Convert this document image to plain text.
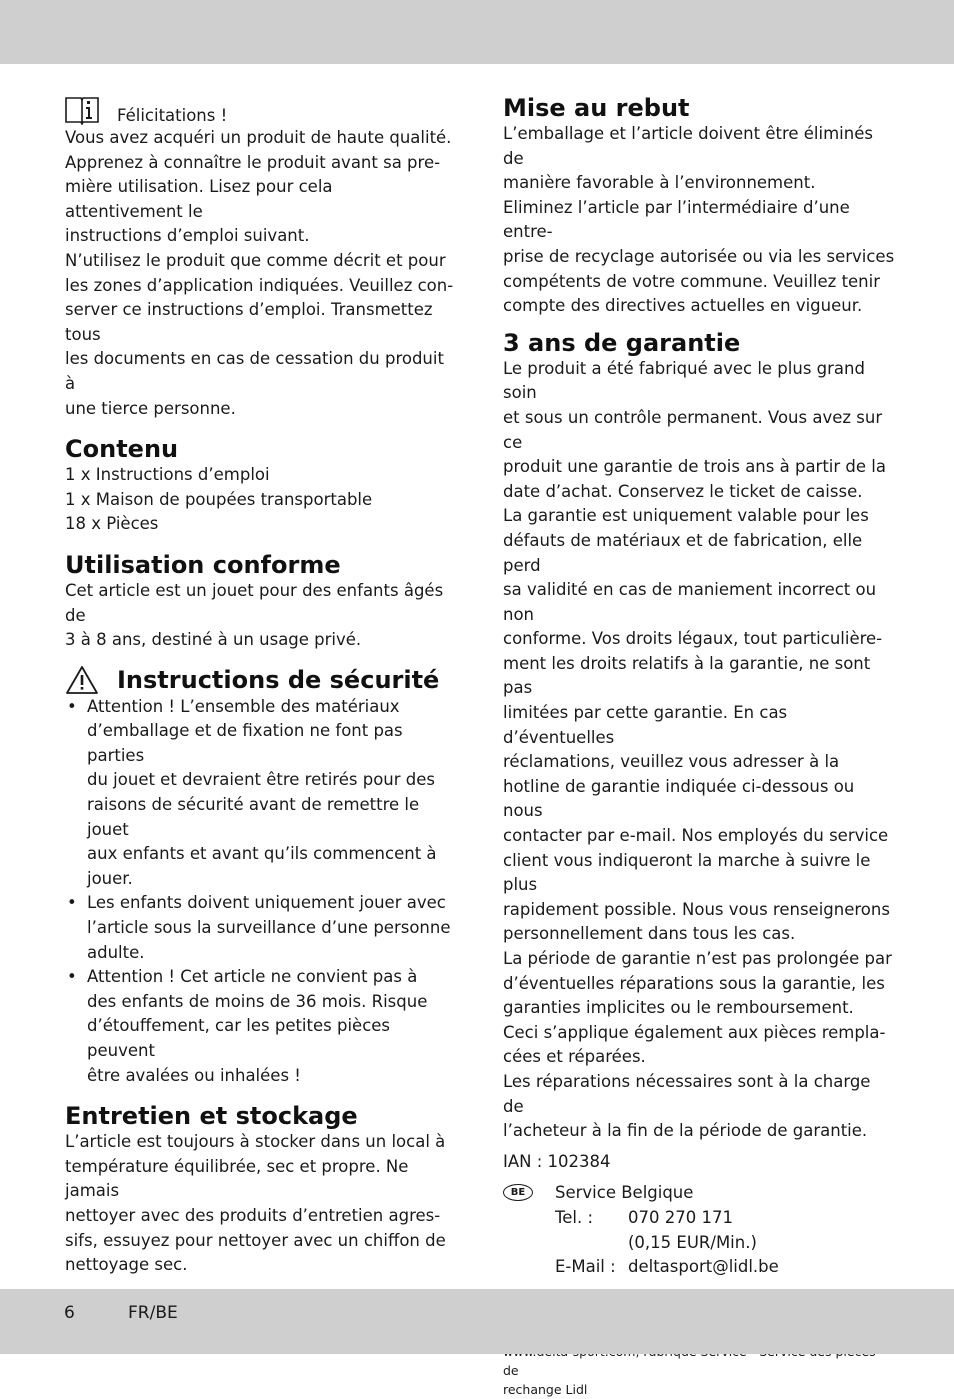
Félicitations !

Vous avez acquéri un produit de haute qualité.

Apprenez à connaître le produit avant sa pre-

mière utilisation. Lisez pour cela attentivement le

instructions d’emploi suivant.

N’utilisez le produit que comme décrit et pour

les zones d’application indiquées. Veuillez con-

server ce instructions d’emploi. Transmettez tous

les documents en cas de cessation du produit à

une tierce personne.

Contenu

1 x Instructions d’emploi

1 x Maison de poupées transportable

18 x Pièces

Utilisation conforme

Cet article est un jouet pour des enfants âgés de

3 à 8 ans, destiné à un usage privé.

Instructions de sécurité
• Attention ! L’ensemble des matériaux
d’emballage et de fixation ne font pas parties
du jouet et devraient être retirés pour des
raisons de sécurité avant de remettre le jouet
aux enfants et avant qu’ils commencent à
jouer.
• Les enfants doivent uniquement jouer avec
l’article sous la surveillance d’une personne
adulte.
• Attention ! Cet article ne convient pas à
des enfants de moins de 36 mois. Risque
d’étouffement, car les petites pièces peuvent
être avalées ou inhalées !
Entretien et stockage

L’article est toujours à stocker dans un local à

température équilibrée, sec et propre. Ne jamais

nettoyer avec des produits d’entretien agres-

sifs, essuyez pour nettoyer avec un chiffon de

nettoyage sec.

Mise au rebut

L’emballage et l’article doivent être éliminés de

manière favorable à l’environnement.

Eliminez l’article par l’intermédiaire d’une entre-

prise de recyclage autorisée ou via les services

compétents de votre commune. Veuillez tenir

compte des directives actuelles en vigueur.

3 ans de garantie

Le produit a été fabriqué avec le plus grand soin

et sous un contrôle permanent. Vous avez sur ce

produit une garantie de trois ans à partir de la

date d’achat. Conservez le ticket de caisse.

La garantie est uniquement valable pour les

défauts de matériaux et de fabrication, elle perd

sa validité en cas de maniement incorrect ou non

conforme. Vos droits légaux, tout particulière-

ment les droits relatifs à la garantie, ne sont pas

limitées par cette garantie. En cas d’éventuelles

réclamations, veuillez vous adresser à la

hotline de garantie indiquée ci-dessous ou nous

contacter par e-mail. Nos employés du service

client vous indiqueront la marche à suivre le plus

rapidement possible. Nous vous renseignerons

personnellement dans tous les cas.

La période de garantie n’est pas prolongée par

d’éventuelles réparations sous la garantie, les

garanties implicites ou le remboursement.

Ceci s’applique également aux pièces rempla-

cées et réparées.

Les réparations nécessaires sont à la charge de

l’acheteur à la fin de la période de garantie.

IAN : 102384

BE	Service Belgique
Tel. :	070 270 171
(0,15 EUR/Min.)
E-Mail : deltasport@lidl.be

de

rechange Lidl

6	FR/BE
